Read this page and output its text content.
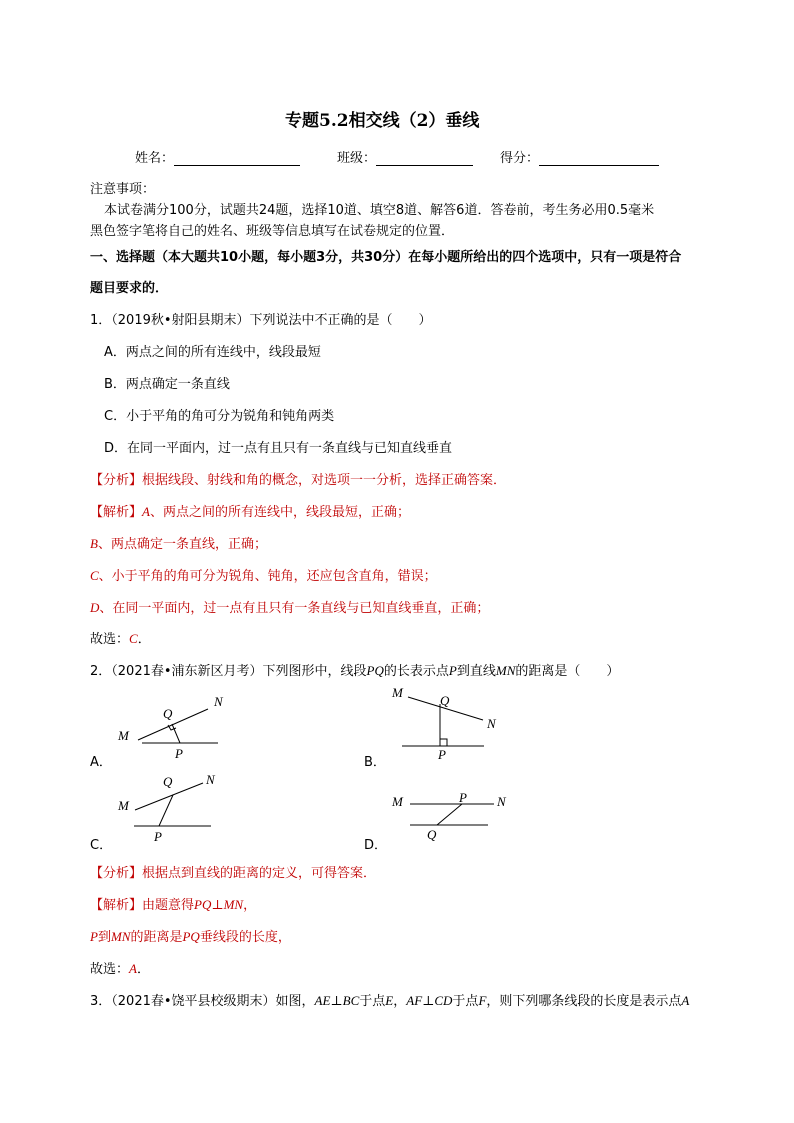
专题5.2相交线（2）垂线
姓名：	班级：	得分：
注意事项：
本试卷满分100分，试题共24题，选择10道、填空8道、解答6道．答卷前，考生务必用0.5毫米
黑色签字笔将自己的姓名、班级等信息填写在试卷规定的位置．
一、选择题（本大题共10小题，每小题3分，共30分）在每小题所给出的四个选项中，只有一项是符合
题目要求的．
1．（2019秋•射阳县期末）下列说法中不正确的是（　　）
A．两点之间的所有连线中，线段最短
B．两点确定一条直线
C．小于平角的角可分为锐角和钝角两类
D．在同一平面内，过一点有且只有一条直线与已知直线垂直
【分析】根据线段、射线和角的概念，对选项一一分析，选择正确答案．
【解析】A、两点之间的所有连线中，线段最短，正确；
B、两点确定一条直线，正确；
C、小于平角的角可分为锐角、钝角，还应包含直角，错误；
D、在同一平面内，过一点有且只有一条直线与已知直线垂直，正确；
故选：C．
2．（2021春•浦东新区月考）下列图形中，线段PQ的长表示点P到直线MN的距离是（　　）
M
N
Q
P
M
N
Q
P
M
N
Q
P
M	N
P
Q
A．	B．
C．	D．
【分析】根据点到直线的距离的定义，可得答案．
【解析】由题意得PQ⊥MN，
P到MN的距离是PQ垂线段的长度，
故选：A．
3．（2021春•饶平县校级期末）如图，AE⊥BC于点E，AF⊥CD于点F，则下列哪条线段的长度是表示点A
